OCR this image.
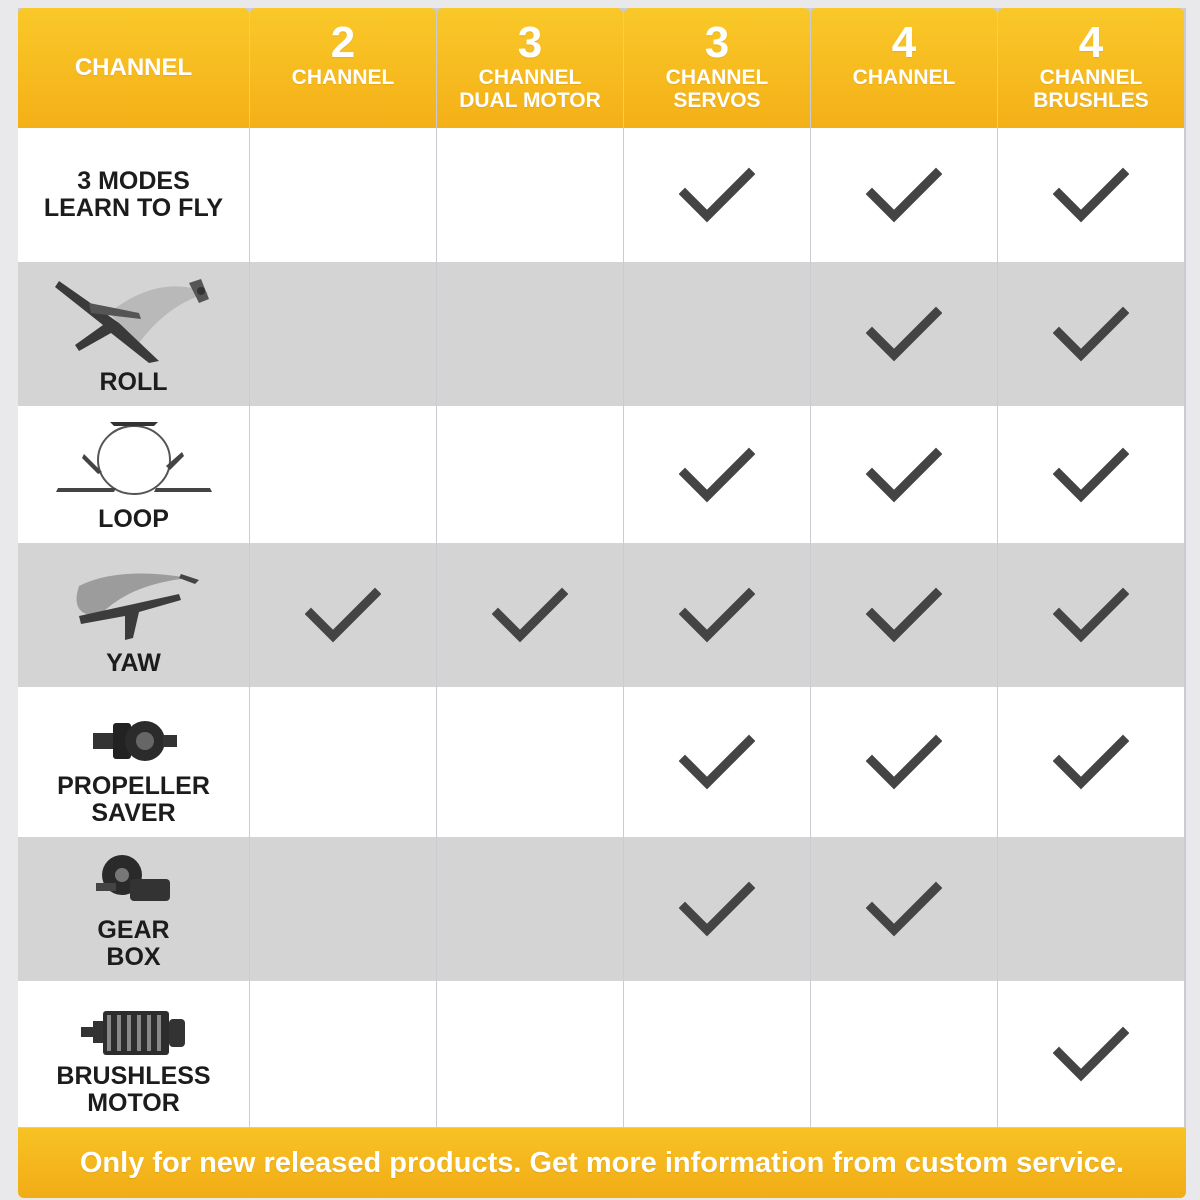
CHANNEL
2
CHANNEL
3
CHANNEL
DUAL MOTOR
3
CHANNEL
SERVOS
4
CHANNEL
4
CHANNEL
BRUSHLES
3 MODES
LEARN TO FLY
ROLL
LOOP
YAW
PROPELLER
SAVER
GEAR
BOX
BRUSHLESS
MOTOR
Only for new released products. Get more information from custom service.
